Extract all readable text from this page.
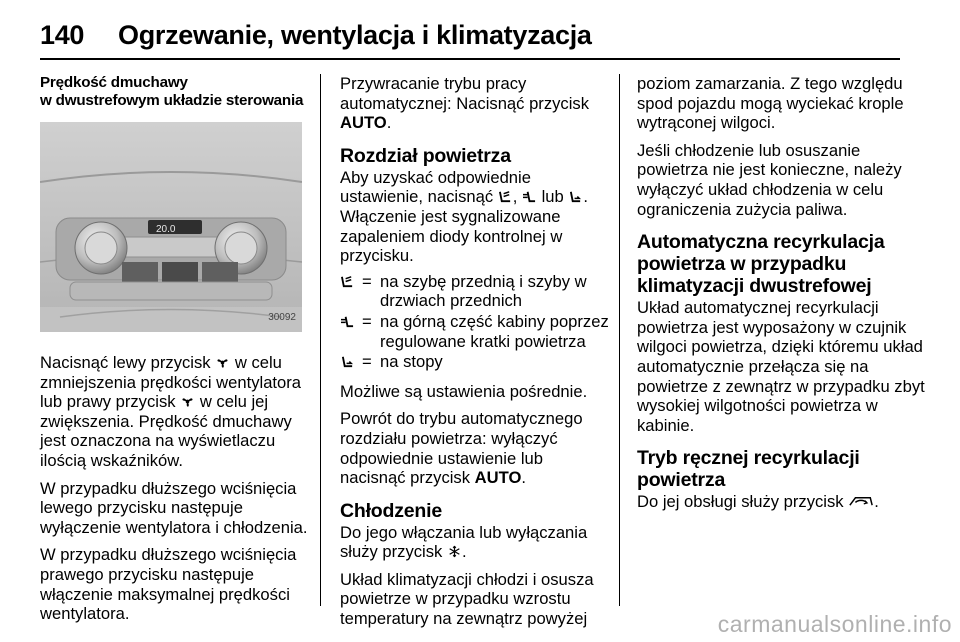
140 Ogrzewanie, wentylacja i klimatyzacja
Prędkość dmuchawy
w dwustrefowym układzie sterowania
20.0
30092

Nacisnąć lewy przycisk w celu zmniejszenia prędkości wentylatora lub prawy przycisk w celu jej zwiększenia. Prędkość dmuchawy jest oznaczona na wyświetlaczu ilością wskaźników.

W przypadku dłuższego wciśnięcia lewego przycisku następuje wyłączenie wentylatora i chłodzenia.

W przypadku dłuższego wciśnięcia prawego przycisku następuje włączenie maksymalnej prędkości wentylatora.

Przywracanie trybu pracy automatycznej: Nacisnąć przycisk AUTO.

Rozdział powietrza

Aby uzyskać odpowiednie ustawienie, nacisnąć , lub . Włączenie jest sygnalizowane zapaleniem diody kontrolnej w przycisku.

= na szybę przednią i szyby w drzwiach przednich
= na górną część kabiny poprzez regulowane kratki powietrza
= na stopy

Możliwe są ustawienia pośrednie.

Powrót do trybu automatycznego rozdziału powietrza: wyłączyć odpowiednie ustawienie lub nacisnąć przycisk AUTO.

Chłodzenie

Do jego włączania lub wyłączania służy przycisk .

Układ klimatyzacji chłodzi i osusza powietrze w przypadku wzrostu temperatury na zewnątrz powyżej

poziom zamarzania. Z tego względu spod pojazdu mogą wyciekać krople wytrąconej wilgoci.

Jeśli chłodzenie lub osuszanie powietrza nie jest konieczne, należy wyłączyć układ chłodzenia w celu ograniczenia zużycia paliwa.

Automatyczna recyrkulacja powietrza w przypadku klimatyzacji dwustrefowej

Układ automatycznej recyrkulacji powietrza jest wyposażony w czujnik wilgoci powietrza, dzięki któremu układ automatycznie przełącza się na powietrze z zewnątrz w przypadku zbyt wysokiej wilgotności powietrza w kabinie.

Tryb ręcznej recyrkulacji powietrza

Do jej obsługi służy przycisk .

carmanualsonline.info
